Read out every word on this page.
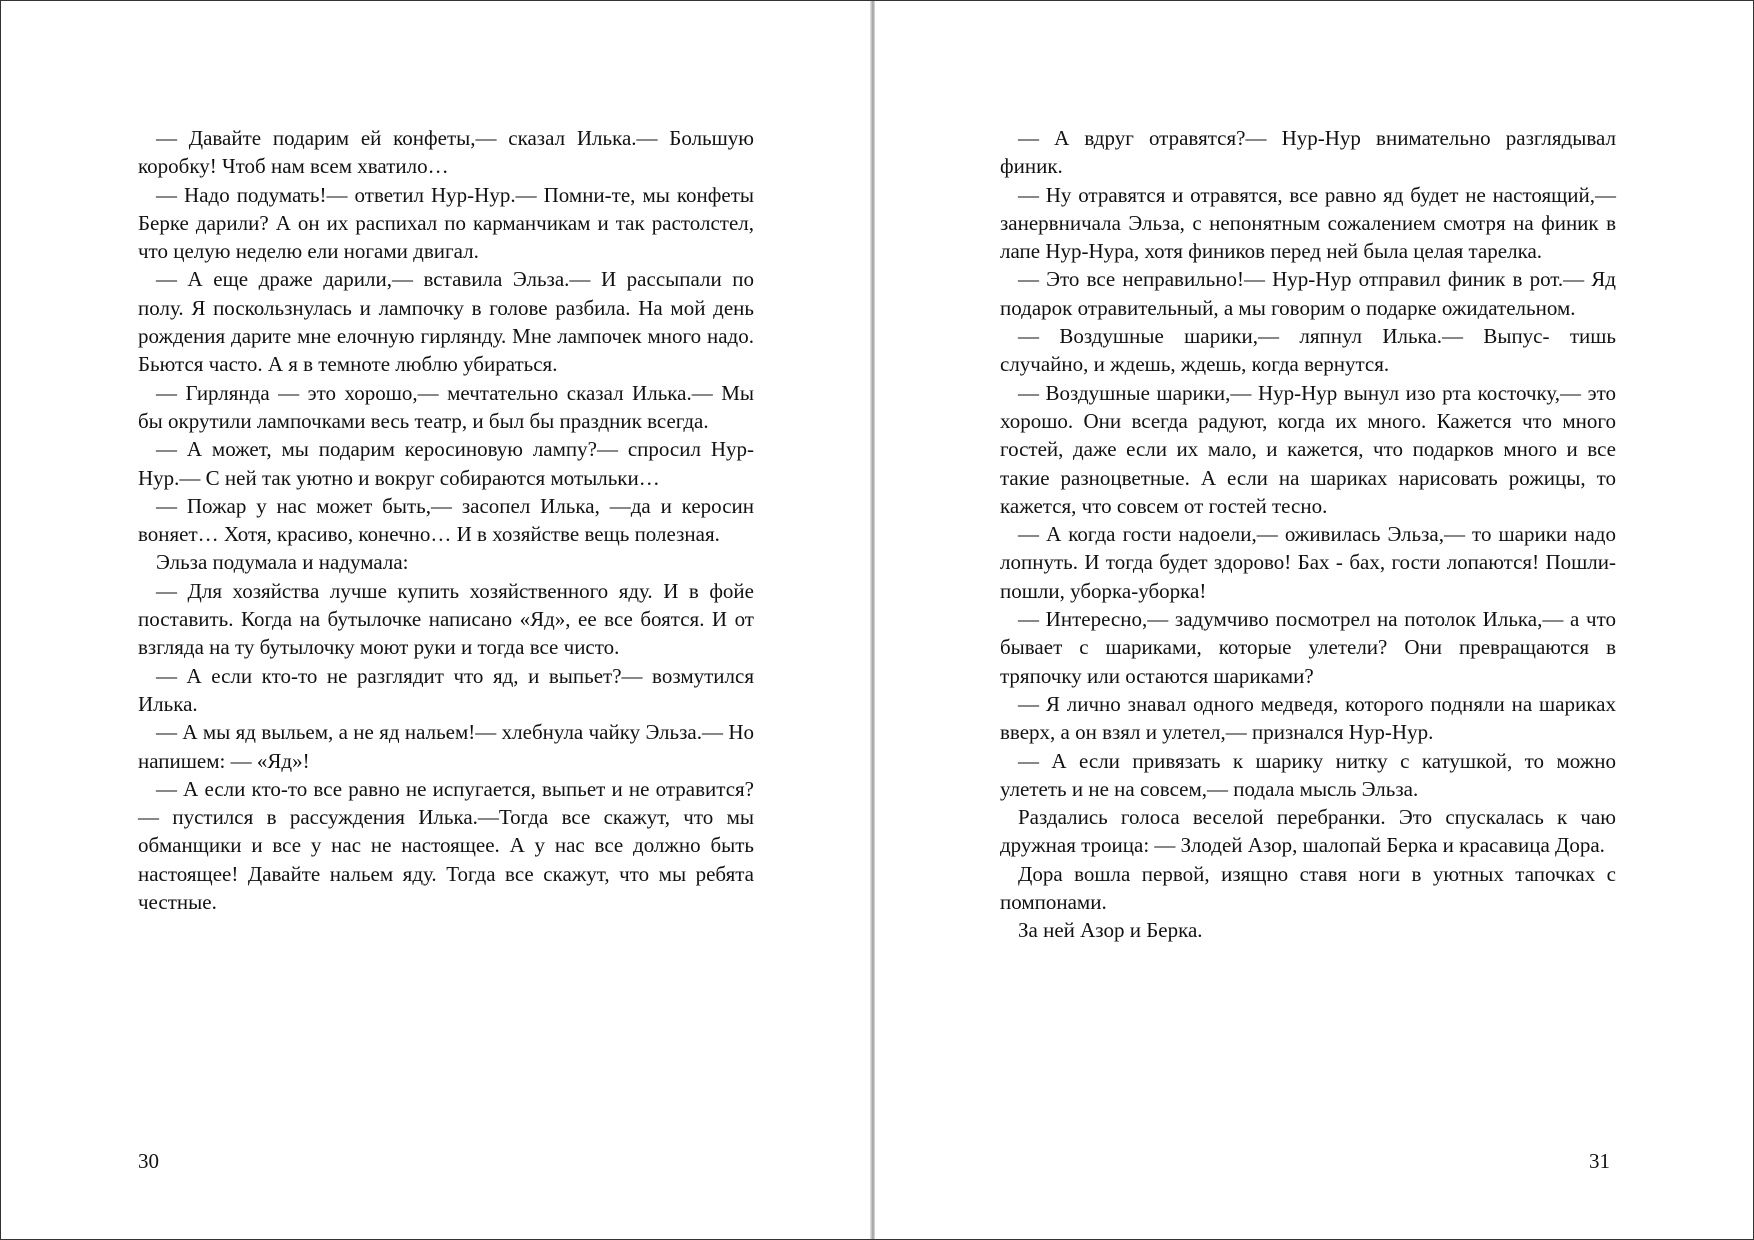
— Давайте подарим ей конфеты,— сказал Илька.— Большую коробку! Чтоб нам всем хватило…

— Надо подумать!— ответил Нур-Нур.— Помни-те, мы конфеты Берке дарили? А он их распихал по карманчикам и так растолстел, что целую неделю ели ногами двигал.

— А еще драже дарили,— вставила Эльза.— И рассыпали по полу. Я поскользнулась и лампочку в голове разбила. На мой день рождения дарите мне елочную гирлянду. Мне лампочек много надо. Бьются часто. А я в темноте люблю убираться.

— Гирлянда — это хорошо,— мечтательно сказал Илька.— Мы бы окрутили лампочками весь театр, и был бы праздник всегда.

— А может, мы подарим керосиновую лампу?— спросил Нур-Нур.— С ней так уютно и вокруг собираются мотыльки…

— Пожар у нас может быть,— засопел Илька, —да и керосин воняет… Хотя, красиво, конечно… И в хозяйстве вещь полезная.

Эльза подумала и надумала:

— Для хозяйства лучше купить хозяйственного яду. И в фойе поставить. Когда на бутылочке написано «Яд», ее все боятся. И от взгляда на ту бутылочку моют руки и тогда все чисто.

— А если кто-то не разглядит что яд, и выпьет?— возмутился Илька.

— А мы яд выльем, а не яд нальем!— хлебнула чайку Эльза.— Но напишем: — «Яд»!

— А если кто-то все равно не испугается, выпьет и не отравится?— пустился в рассуждения Илька.—Тогда все скажут, что мы обманщики и все у нас не настоящее. А у нас все должно быть настоящее! Давайте нальем яду. Тогда все скажут, что мы ребята честные.

30

— А вдруг отравятся?— Нур-Нур внимательно разглядывал финик.

— Ну отравятся и отравятся, все равно яд будет не настоящий,— занервничала Эльза, с непонятным сожалением смотря на финик в лапе Нур-Нура, хотя фиников перед ней была целая тарелка.

— Это все неправильно!— Нур-Нур отправил финик в рот.— Яд подарок отравительный, а мы говорим о подарке ожидательном.

— Воздушные шарики,— ляпнул Илька.— Выпус- тишь случайно, и ждешь, ждешь, когда вернутся.

— Воздушные шарики,— Нур-Нур вынул изо рта косточку,— это хорошо. Они всегда радуют, когда их много. Кажется что много гостей, даже если их мало, и кажется, что подарков много и все такие разноцветные. А если на шариках нарисовать рожицы, то кажется, что совсем от гостей тесно.

— А когда гости надоели,— оживилась Эльза,— то шарики надо лопнуть. И тогда будет здорово! Бах - бах, гости лопаются! Пошли-пошли, уборка-уборка!

— Интересно,— задумчиво посмотрел на потолок Илька,— а что бывает с шариками, которые улетели? Они превращаются в тряпочку или остаются шариками?

— Я лично знавал одного медведя, которого подняли на шариках вверх, а он взял и улетел,— признался Нур-Нур.

— А если привязать к шарику нитку с катушкой, то можно улететь и не на совсем,— подала мысль Эльза.

Раздались голоса веселой перебранки. Это спускалась к чаю дружная троица: — Злодей Азор, шалопай Берка и красавица Дора.

Дора вошла первой, изящно ставя ноги в уютных тапочках с помпонами.

За ней Азор и Берка.

31
